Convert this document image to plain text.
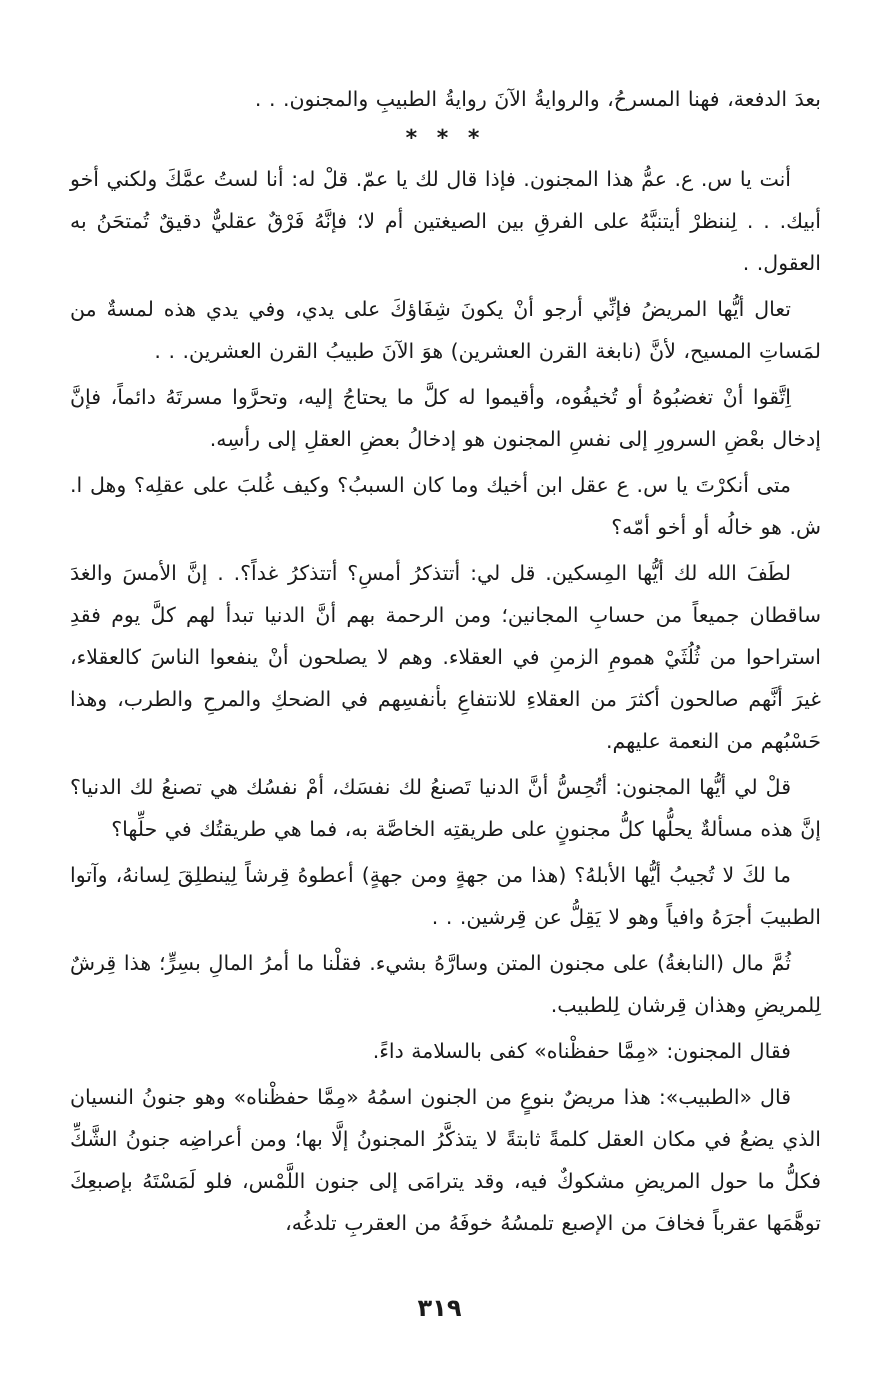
بعدَ الدفعة، فهنا المسرحُ، والروايةُ الآنَ روايةُ الطبيبِ والمجنون. . .

* * *

أنت يا س. ع. عمُّ هذا المجنون. فإذا قال لك يا عمّ. قلْ له: أنا لستُ عمَّكَ ولكني أخو أبيك. . . لِننظرْ أيتنبَّهُ على الفرقِ بين الصيغتين أم لا؛ فإنَّهُ فَرْقٌ عقليٌّ دقيقٌ تُمتحَنُ به العقول. .

تعال أيُّها المريضُ فإنِّي أرجو أنْ يكونَ شِفَاؤكَ على يدي، وفي يدي هذه لمسةٌ من لمَساتِ المسيح، لأنَّ (نابغة القرن العشرين) هوَ الآنَ طبيبُ القرن العشرين. . .

اِتَّقوا أنْ تغضبُوهُ أو تُخيفُوه، وأقيموا له كلَّ ما يحتاجُ إليه، وتحرَّوا مسرتَهُ دائماً، فإنَّ إدخال بعْضِ السرورِ إلى نفسِ المجنون هو إدخالُ بعضِ العقلِ إلى رأسِه.

متى أنكرْتَ يا س. ع عقل ابن أخيك وما كان السببُ؟ وكيف غُلبَ على عقلِه؟ وهل ا. ش. هو خالُه أو أخو أمّه؟

لطَفَ الله لك أيُّها المِسكين. قل لي: أتتذكرُ أمسِ؟ أتتذكرُ غداً؟. . إنَّ الأمسَ والغدَ ساقطان جميعاً من حسابِ المجانين؛ ومن الرحمة بهم أنَّ الدنيا تبدأ لهم كلَّ يوم فقدِ استراحوا من ثُلُثَيْ همومِ الزمنِ في العقلاء. وهم لا يصلحون أنْ ينفعوا الناسَ كالعقلاء، غيرَ أنَّهم صالحون أكثرَ من العقلاءِ للانتفاعِ بأنفسِهم في الضحكِ والمرحِ والطرب، وهذا حَسْبُهم من النعمة عليهم.

قلْ لي أيُّها المجنون: أتُحِسُّ أنَّ الدنيا تَصنعُ لك نفسَك، أمْ نفسُك هي تصنعُ لك الدنيا؟ إنَّ هذه مسألةٌ يحلُّها كلُّ مجنونٍ على طريقتِه الخاصَّة به، فما هي طريقتُك في حلِّها؟

ما لكَ لا تُجيبُ أيُّها الأبلهُ؟ (هذا من جهةٍ ومن جهةٍ) أعطوهُ قِرشاً لِينطلِقَ لِسانهُ، وآتوا الطبيبَ أجرَهُ وافياً وهو لا يَقِلُّ عن قِرشين. . .

ثُمَّ مال (النابغةُ) على مجنون المتن وسارَّهُ بشيء. فقلْنا ما أمرُ المالِ بسِرٍّ؛ هذا قِرشٌ لِلمريضِ وهذان قِرشان لِلطبيب.

فقال المجنون: «مِمَّا حفظْناه» كفى بالسلامة داءً.

قال «الطبيب»: هذا مريضٌ بنوعٍ من الجنون اسمُهُ «مِمَّا حفظْناه» وهو جنونُ النسيان الذي يضعُ في مكان العقل كلمةً ثابتةً لا يتذكَّرُ المجنونُ إلَّا بها؛ ومن أعراضِه جنونُ الشَّكِّ فكلُّ ما حول المريضِ مشكوكٌ فيه، وقد يترامَى إلى جنون اللَّمْس، فلو لَمَسْتَهُ بإصبعِكَ توهَّمَها عقرباً فخافَ من الإصبع تلمسُهُ خوفَهُ من العقربِ تلدغُه،

٣١٩
